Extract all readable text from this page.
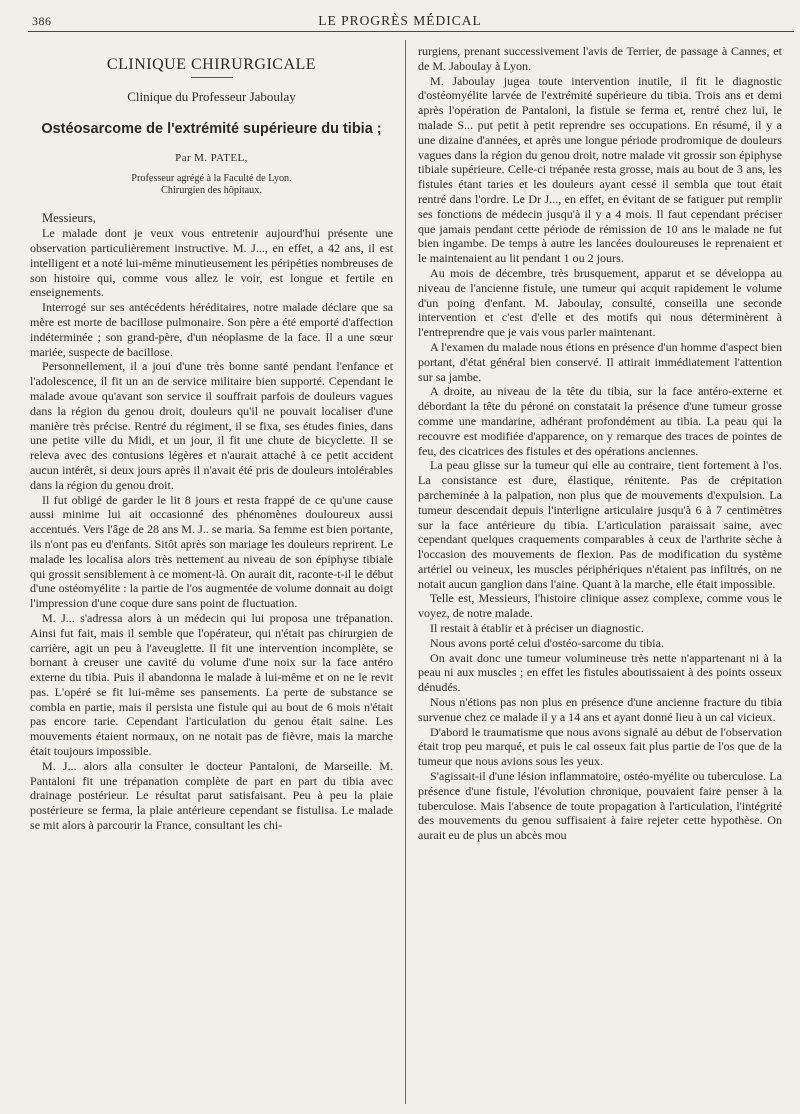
386	LE PROGRÈS MÉDICAL
CLINIQUE CHIRURGICALE
Clinique du Professeur Jaboulay
Ostéosarcome de l'extrémité supérieure du tibia ;
Par M. PATEL,
Professeur agrégé à la Faculté de Lyon.
Chirurgien des hôpitaux.

Messieurs,

Le malade dont je veux vous entretenir aujourd'hui présente une observation particulièrement instructive. M. J..., en effet, a 42 ans, il est intelligent et a noté lui-même minutieusement les péripéties nombreuses de son histoire qui, comme vous allez le voir, est longue et fertile en enseignements.

Interrogé sur ses antécédents héréditaires, notre malade déclare que sa mère est morte de bacillose pulmonaire. Son père a été emporté d'affection indéterminée ; son grand-père, d'un néoplasme de la face. Il a une sœur mariée, suspecte de bacillose.

Personnellement, il a joui d'une très bonne santé pendant l'enfance et l'adolescence, il fit un an de service militaire bien supporté. Cependant le malade avoue qu'avant son service il souffrait parfois de douleurs vagues dans la région du genou droit, douleurs qu'il ne pouvait localiser d'une manière très précise. Rentré du régiment, il se fixa, ses études finies, dans une petite ville du Midi, et un jour, il fit une chute de bicyclette. Il se releva avec des contusions légères et n'aurait attaché à ce petit accident aucun intérêt, si deux jours après il n'avait été pris de douleurs intolérables dans la région du genou droit.

Il fut obligé de garder le lit 8 jours et resta frappé de ce qu'une cause aussi minime lui ait occasionné des phénomènes douloureux aussi accentués. Vers l'âge de 28 ans M. J.. se maria. Sa femme est bien portante, ils n'ont pas eu d'enfants. Sitôt après son mariage les douleurs reprirent. Le malade les localisa alors très nettement au niveau de son épiphyse tibiale qui grossit sensiblement à ce moment-là. On aurait dit, raconte-t-il le début d'une ostéomyélite : la partie de l'os augmentée de volume donnait au doigt l'impression d'une coque dure sans point de fluctuation.

M. J... s'adressa alors à un médecin qui lui proposa une trépanation. Ainsi fut fait, mais il semble que l'opérateur, qui n'était pas chirurgien de carrière, agit un peu à l'aveuglette. Il fit une intervention incomplète, se bornant à creuser une cavité du volume d'une noix sur la face antéro externe du tibia. Puis il abandonna le malade à lui-même et on ne le revit pas. L'opéré se fit lui-même ses pansements. La perte de substance se combla en partie, mais il persista une fistule qui au bout de 6 mois n'était pas encore tarie. Cependant l'articulation du genou était saine. Les mouvements étaient normaux, on ne notait pas de fièvre, mais la marche était toujours impossible.

M. J... alors alla consulter le docteur Pantaloni, de Marseille. M. Pantaloni fit une trépanation complète de part en part du tibia avec drainage postérieur. Le résultat parut satisfaisant. Peu à peu la plaie postérieure se ferma, la plaie antérieure cependant se fistulisa. Le malade se mit alors à parcourir la France, consultant les chi-

rurgiens, prenant successivement l'avis de Terrier, de passage à Cannes, et de M. Jaboulay à Lyon.

M. Jaboulay jugea toute intervention inutile, il fit le diagnostic d'ostéomyélite larvée de l'extrémité supérieure du tibia. Trois ans et demi après l'opération de Pantaloni, la fistule se ferma et, rentré chez lui, le malade S... put petit à petit reprendre ses occupations. En résumé, il y a une dizaine d'années, et après une longue période prodromique de douleurs vagues dans la région du genou droit, notre malade vit grossir son épiphyse tibiale supérieure. Celle-ci trépanée resta grosse, mais au bout de 3 ans, les fistules étant taries et les douleurs ayant cessé il sembla que tout était rentré dans l'ordre. Le Dr J..., en effet, en évitant de se fatiguer put remplir ses fonctions de médecin jusqu'à il y a 4 mois. Il faut cependant préciser que jamais pendant cette période de rémission de 10 ans le malade ne fut bien ingambe. De temps à autre les lancées douloureuses le reprenaient et le maintenaient au lit pendant 1 ou 2 jours.

Au mois de décembre, très brusquement, apparut et se développa au niveau de l'ancienne fistule, une tumeur qui acquit rapidement le volume d'un poing d'enfant. M. Jaboulay, consulté, conseilla une seconde intervention et c'est d'elle et des motifs qui nous déterminèrent à l'entreprendre que je vais vous parler maintenant.

A l'examen du malade nous étions en présence d'un homme d'aspect bien portant, d'état général bien conservé. Il attirait immédiatement l'attention sur sa jambe.

A droite, au niveau de la tête du tibia, sur la face antéro-externe et débordant la tête du péroné on constatait la présence d'une tumeur grosse comme une mandarine, adhérant profondément au tibia. La peau qui la recouvre est modifiée d'apparence, on y remarque des traces de pointes de feu, des cicatrices des fistules et des opérations anciennes.

La peau glisse sur la tumeur qui elle au contraire, tient fortement à l'os. La consistance est dure, élastique, rénitente. Pas de crépitation parcheminée à la palpation, non plus que de mouvements d'expulsion. La tumeur descendait depuis l'interligne articulaire jusqu'à 6 à 7 centimètres sur la face antérieure du tibia. L'articulation paraissait saine, avec cependant quelques craquements comparables à ceux de l'arthrite sèche à l'occasion des mouvements de flexion. Pas de modification du système artériel ou veineux, les muscles périphériques n'étaient pas infiltrés, on ne notait aucun ganglion dans l'aine. Quant à la marche, elle était impossible.

Telle est, Messieurs, l'histoire clinique assez complexe, comme vous le voyez, de notre malade.

Il restait à établir et à préciser un diagnostic.

Nous avons porté celui d'ostéo-sarcome du tibia.

On avait donc une tumeur volumineuse très nette n'appartenant ni à la peau ni aux muscles ; en effet les fistules aboutissaient à des points osseux dénudés.

Nous n'étions pas non plus en présence d'une ancienne fracture du tibia survenue chez ce malade il y a 14 ans et ayant donné lieu à un cal vicieux.

D'abord le traumatisme que nous avons signalé au début de l'observation était trop peu marqué, et puis le cal osseux fait plus partie de l'os que de la tumeur que nous avions sous les yeux.

S'agissait-il d'une lésion inflammatoire, ostéo-myélite ou tuberculose. La présence d'une fistule, l'évolution chronique, pouvaient faire penser à la tuberculose. Mais l'absence de toute propagation à l'articulation, l'intégrité des mouvements du genou suffisaient à faire rejeter cette hypothèse. On aurait eu de plus un abcès mou
